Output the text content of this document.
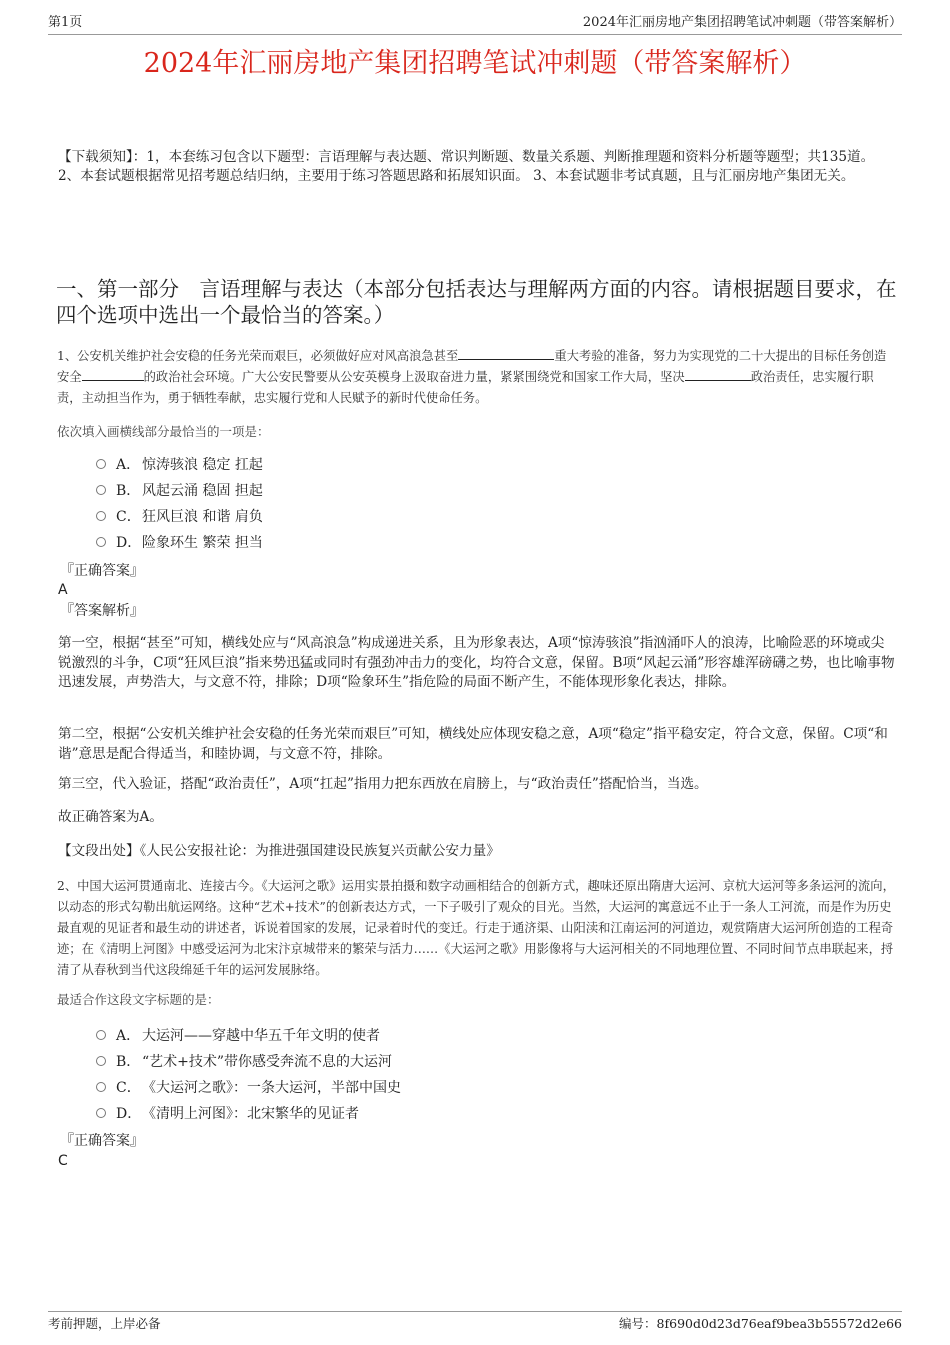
第1页	2024年汇丽房地产集团招聘笔试冲刺题（带答案解析）
2024年汇丽房地产集团招聘笔试冲刺题（带答案解析）
【下载须知】：1，本套练习包含以下题型：言语理解与表达题、常识判断题、数量关系题、判断推理题和资料分析题等题型；共135道。 2、本套试题根据常见招考题总结归纳，主要用于练习答题思路和拓展知识面。 3、本套试题非考试真题，且与汇丽房地产集团无关。
一、第一部分　言语理解与表达（本部分包括表达与理解两方面的内容。请根据题目要求，在四个选项中选出一个最恰当的答案。）
1、公安机关维护社会安稳的任务光荣而艰巨，必须做好应对风高浪急甚至	重大考验的准备，努力为实现党的二十大提出的目标任务创造安全	的政治社会环境。广大公安民警要从公安英模身上汲取奋进力量，紧紧围绕党和国家工作大局，坚决	政治责任，忠实履行职责，主动担当作为，勇于牺牲奉献，忠实履行党和人民赋予的新时代使命任务。
依次填入画横线部分最恰当的一项是：
A． 惊涛骇浪 稳定 扛起
B． 风起云涌 稳固 担起
C．狂风巨浪 和谐 肩负
D．险象环生 繁荣 担当
『正确答案』
A
『答案解析』
第一空，根据“甚至”可知，横线处应与“风高浪急”构成递进关系，且为形象表达，A项“惊涛骇浪”指汹涌吓人的浪涛，比喻险恶的环境或尖锐激烈的斗争，C项“狂风巨浪”指来势迅猛或同时有强劲冲击力的变化，均符合文意，保留。B项“风起云涌”形容雄浑磅礴之势，也比喻事物迅速发展，声势浩大，与文意不符，排除；D项“险象环生”指危险的局面不断产生，不能体现形象化表达，排除。
第二空，根据“公安机关维护社会安稳的任务光荣而艰巨”可知，横线处应体现安稳之意，A项“稳定”指平稳安定，符合文意，保留。C项“和谐”意思是配合得适当，和睦协调，与文意不符，排除。
第三空，代入验证，搭配“政治责任”，A项“扛起”指用力把东西放在肩膀上，与“政治责任”搭配恰当，当选。
故正确答案为A。
【文段出处】《人民公安报社论：为推进强国建设民族复兴贡献公安力量》
2、中国大运河贯通南北、连接古今。《大运河之歌》运用实景拍摄和数字动画相结合的创新方式，趣味还原出隋唐大运河、京杭大运河等多条运河的流向，以动态的形式勾勒出航运网络。这种“艺术+技术”的创新表达方式，一下子吸引了观众的目光。当然，大运河的寓意远不止于一条人工河流，而是作为历史最直观的见证者和最生动的讲述者，诉说着国家的发展，记录着时代的变迁。行走于通济渠、山阳渎和江南运河的河道边，观赏隋唐大运河所创造的工程奇迹；在《清明上河图》中感受运河为北宋汴京城带来的繁荣与活力……《大运河之歌》用影像将与大运河相关的不同地理位置、不同时间节点串联起来，捋清了从春秋到当代这段绵延千年的运河发展脉络。
最适合作这段文字标题的是：
A． 大运河——穿越中华五千年文明的使者
B． “艺术+技术”带你感受奔流不息的大运河
C．《大运河之歌》：一条大运河，半部中国史
D．《清明上河图》：北宋繁华的见证者
『正确答案』
C
考前押题，上岸必备	编号：8f690d0d23d76eaf9bea3b55572d2e66
